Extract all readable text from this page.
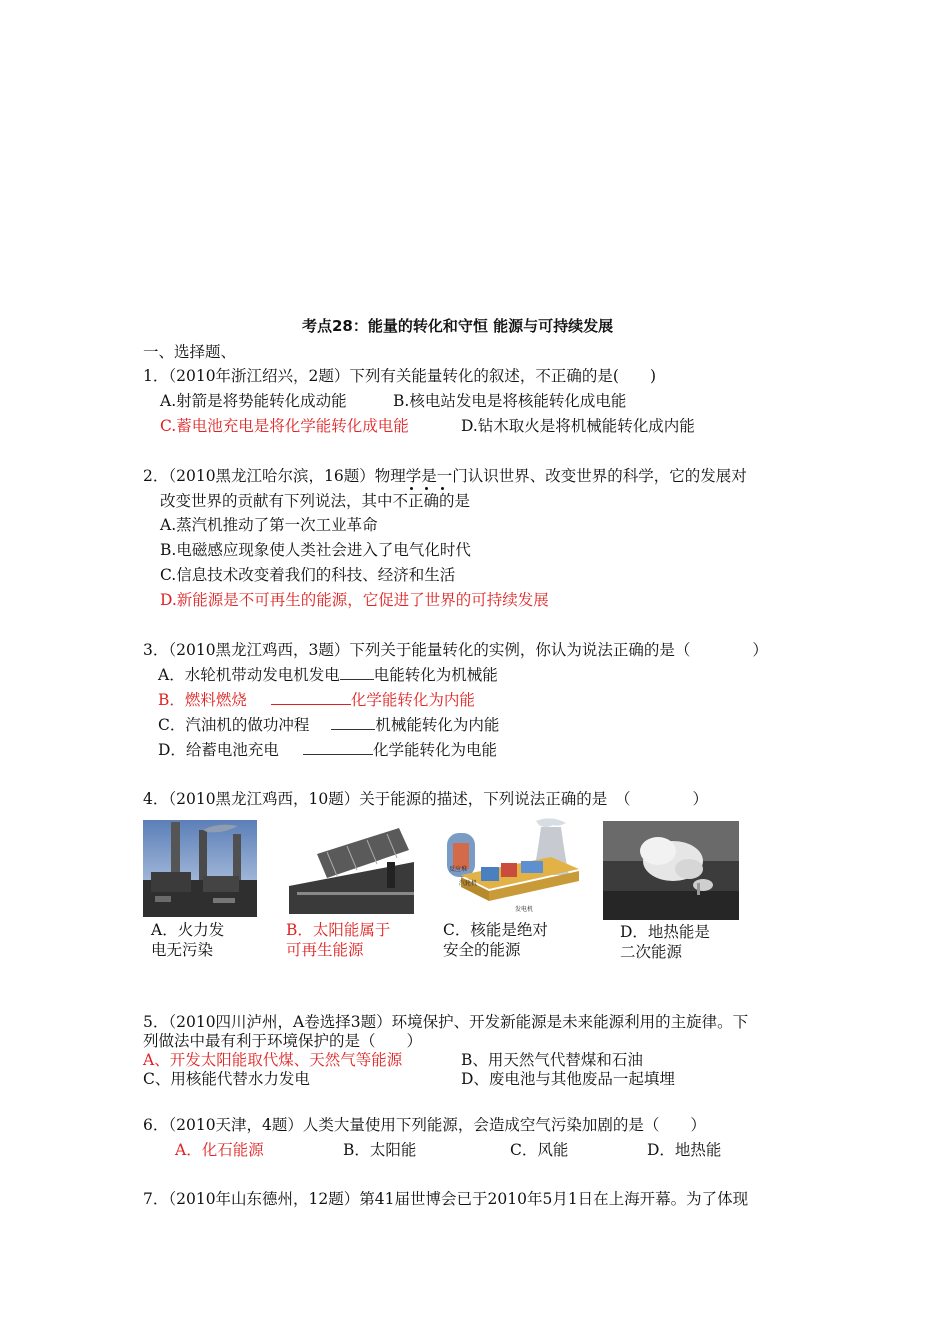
考点28：能量的转化和守恒 能源与可持续发展
一、选择题、
1．（2010年浙江绍兴，2题）下列有关能量转化的叙述，不正确的是(　　)
A.射箭是将势能转化成动能	B.核电站发电是将核能转化成电能
C.蓄电池充电是将化学能转化成电能	D.钻木取火是将机械能转化成内能
2．（2010黑龙江哈尔滨，16题）物理学是一门认识世界、改变世界的科学，它的发展对
改变世界的贡献有下列说法，其中不正确的是
A.蒸汽机推动了第一次工业革命
B.电磁感应现象使人类社会进入了电气化时代
C.信息技术改变着我们的科技、经济和生活
D.新能源是不可再生的能源，它促进了世界的可持续发展
3．（2010黑龙江鸡西，3题）下列关于能量转化的实例，你认为说法正确的是（　　　　）
A．水轮机带动发电机发电 电能转化为机械能
B．燃料燃烧	化学能转化为内能
C．汽油机的做功冲程	机械能转化为内能
D．给蓄电池充电	化学能转化为电能
4．（2010黑龙江鸡西，10题）关于能源的描述，下列说法正确的是　（　　　　）
A．火力发
电无污染
B．太阳能属于
可再生能源
反应堆
汽轮机
发电机
C．核能是绝对
安全的能源
D．地热能是
二次能源
5．（2010四川泸州，A卷选择3题）环境保护、开发新能源是未来能源利用的主旋律。下
列做法中最有利于环境保护的是（　　）
A、开发太阳能取代煤、天然气等能源	B、用天然气代替煤和石油
C、用核能代替水力发电	D、废电池与其他废品一起填埋
6．（2010天津，4题）人类大量使用下列能源，会造成空气污染加剧的是（　　）
A．化石能源	B．太阳能	C．风能	D．地热能
7．（2010年山东德州，12题）第41届世博会已于2010年5月1日在上海开幕。为了体现
